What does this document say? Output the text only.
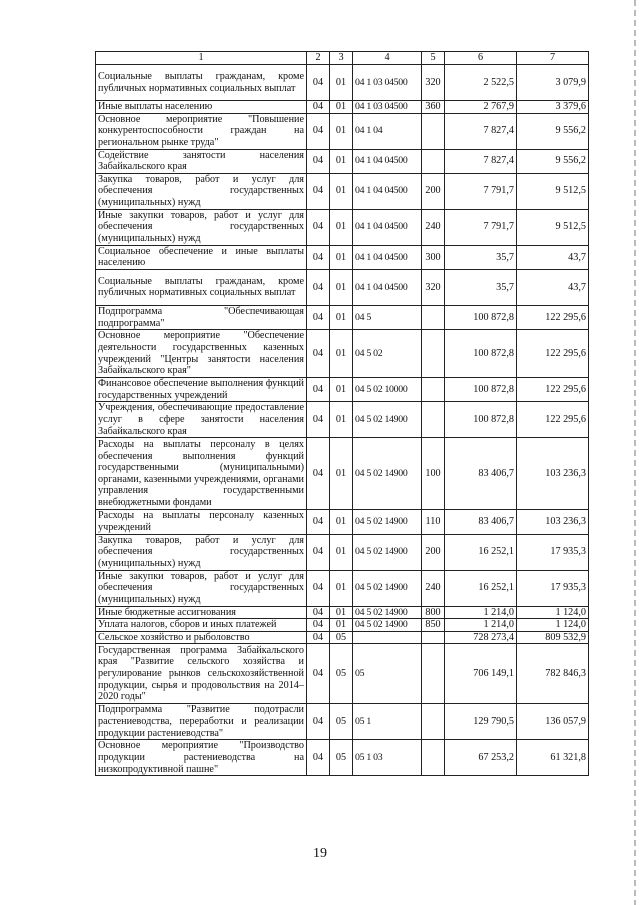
1	2	3	4	5	6	7
Социальные выплаты гражданам, кроме публичных нормативных социальных выплат	04	01	04 1 03 04500	320	2 522,5	3 079,9
Иные выплаты населению	04	01	04 1 03 04500	360	2 767,9	3 379,6
Основное мероприятие "Повышение конкурентоспособности граждан на региональном рынке труда"	04	01	04 1 04		7 827,4	9 556,2
Содействие занятости населения Забайкальского края	04	01	04 1 04 04500		7 827,4	9 556,2
Закупка товаров, работ и услуг для обеспечения государственных (муниципальных) нужд	04	01	04 1 04 04500	200	7 791,7	9 512,5
Иные закупки товаров, работ и услуг для обеспечения государственных (муниципальных) нужд	04	01	04 1 04 04500	240	7 791,7	9 512,5
Социальное обеспечение и иные выплаты населению	04	01	04 1 04 04500	300	35,7	43,7
Социальные выплаты гражданам, кроме публичных нормативных социальных выплат	04	01	04 1 04 04500	320	35,7	43,7
Подпрограмма "Обеспечивающая подпрограмма"	04	01	04 5		100 872,8	122 295,6
Основное мероприятие "Обеспечение деятельности государственных казенных учреждений "Центры занятости населения Забайкальского края"	04	01	04 5 02		100 872,8	122 295,6
Финансовое обеспечение выполнения функций государственных учреждений	04	01	04 5 02 10000		100 872,8	122 295,6
Учреждения, обеспечивающие предоставление услуг в сфере занятости населения Забайкальского края	04	01	04 5 02 14900		100 872,8	122 295,6
Расходы на выплаты персоналу в целях обеспечения выполнения функций государственными (муниципальными) органами, казенными учреждениями, органами управления государственными внебюджетными фондами	04	01	04 5 02 14900	100	83 406,7	103 236,3
Расходы на выплаты персоналу казенных учреждений	04	01	04 5 02 14900	110	83 406,7	103 236,3
Закупка товаров, работ и услуг для обеспечения государственных (муниципальных) нужд	04	01	04 5 02 14900	200	16 252,1	17 935,3
Иные закупки товаров, работ и услуг для обеспечения государственных (муниципальных) нужд	04	01	04 5 02 14900	240	16 252,1	17 935,3
Иные бюджетные ассигнования	04	01	04 5 02 14900	800	1 214,0	1 124,0
Уплата налогов, сборов и иных платежей	04	01	04 5 02 14900	850	1 214,0	1 124,0
Сельское хозяйство и рыболовство	04	05			728 273,4	809 532,9
Государственная программа Забайкальского края "Развитие сельского хозяйства и регулирование рынков сельскохозяйственной продукции, сырья и продовольствия на 2014–2020 годы"	04	05	05		706 149,1	782 846,3
Подпрограмма "Развитие подотрасли растениеводства, переработки и реализации продукции растениеводства"	04	05	05 1		129 790,5	136 057,9
Основное мероприятие "Производство продукции растениеводства на низкопродуктивной пашне"	04	05	05 1 03		67 253,2	61 321,8
19
